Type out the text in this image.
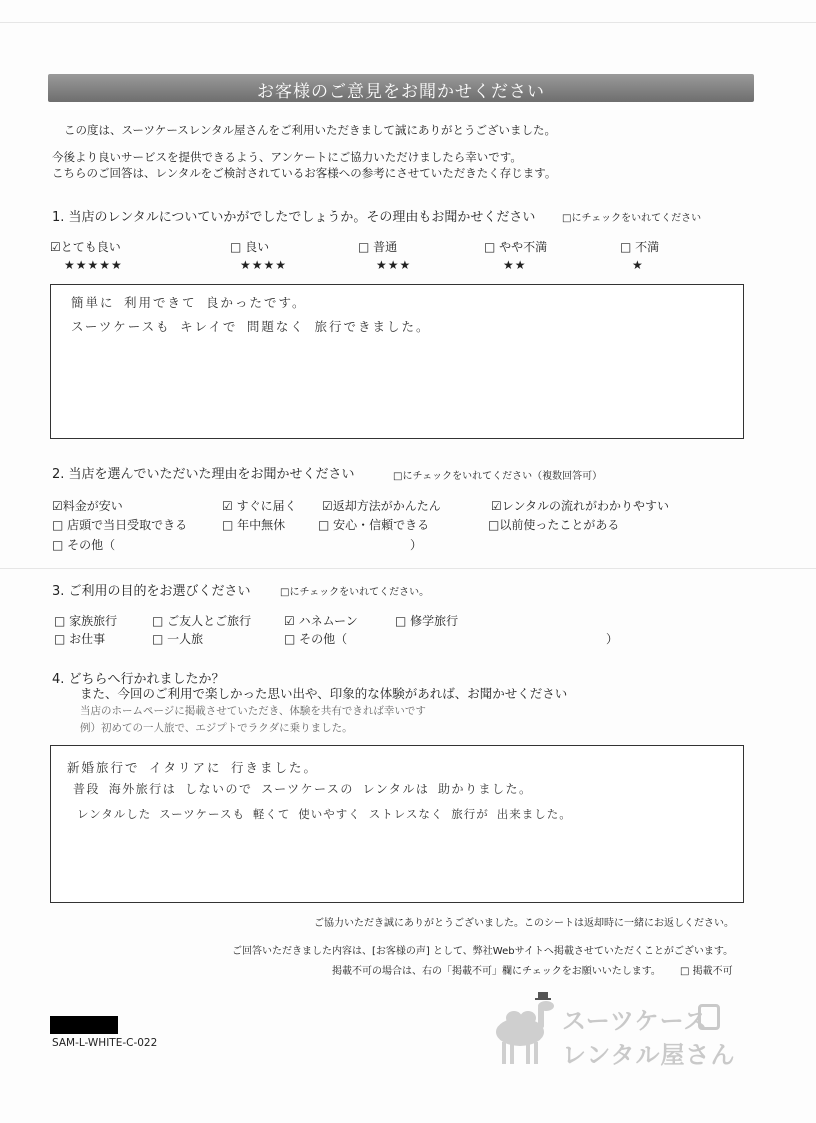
お客様のご意見をお聞かせください
この度は、スーツケースレンタル屋さんをご利用いただきまして誠にありがとうございました。
今後より良いサービスを提供できるよう、アンケートにご協力いただけましたら幸いです。
こちらのご回答は、レンタルをご検討されているお客様への参考にさせていただきたく存じます。
1. 当店のレンタルについていかがでしたでしょうか。その理由もお聞かせください	□にチェックをいれてください
☑とても良い	□ 良い	□ 普通	□ やや不満	□ 不満
★★★★★	★★★★	★★★	★★	★
簡単に 利用できて 良かったです。
スーツケースも キレイで 問題なく 旅行できました。
2. 当店を選んでいただいた理由をお聞かせください	□にチェックをいれてください（複数回答可）
☑料金が安い	☑ すぐに届く ☑返却方法がかんたん	☑レンタルの流れがわかりやすい
□ 店頭で当日受取できる	□ 年中無休	□ 安心・信頼できる	□以前使ったことがある
□ その他（	）
3. ご利用の目的をお選びください	□にチェックをいれてください。
□ 家族旅行	□ ご友人とご旅行	☑ ハネムーン	□ 修学旅行
□ お仕事	□ 一人旅	□ その他（	）
4. どちらへ行かれましたか？
また、今回のご利用で楽しかった思い出や、印象的な体験があれば、お聞かせください
当店のホームページに掲載させていただき、体験を共有できれば幸いです
例）初めての一人旅で、エジプトでラクダに乗りました。
新婚旅行で イタリアに 行きました。
普段 海外旅行は しないので スーツケースの レンタルは 助かりました。
レンタルした スーツケースも 軽くて 使いやすく ストレスなく 旅行が 出来ました。
ご協力いただき誠にありがとうございました。このシートは返却時に一緒にお返しください。
ご回答いただきました内容は、[お客様の声] として、弊社Webサイトへ掲載させていただくことがございます。
掲載不可の場合は、右の「掲載不可」欄にチェックをお願いいたします。 □ 掲載不可
SAM-L-WHITE-C-022
スーツケース
レンタル屋さん
